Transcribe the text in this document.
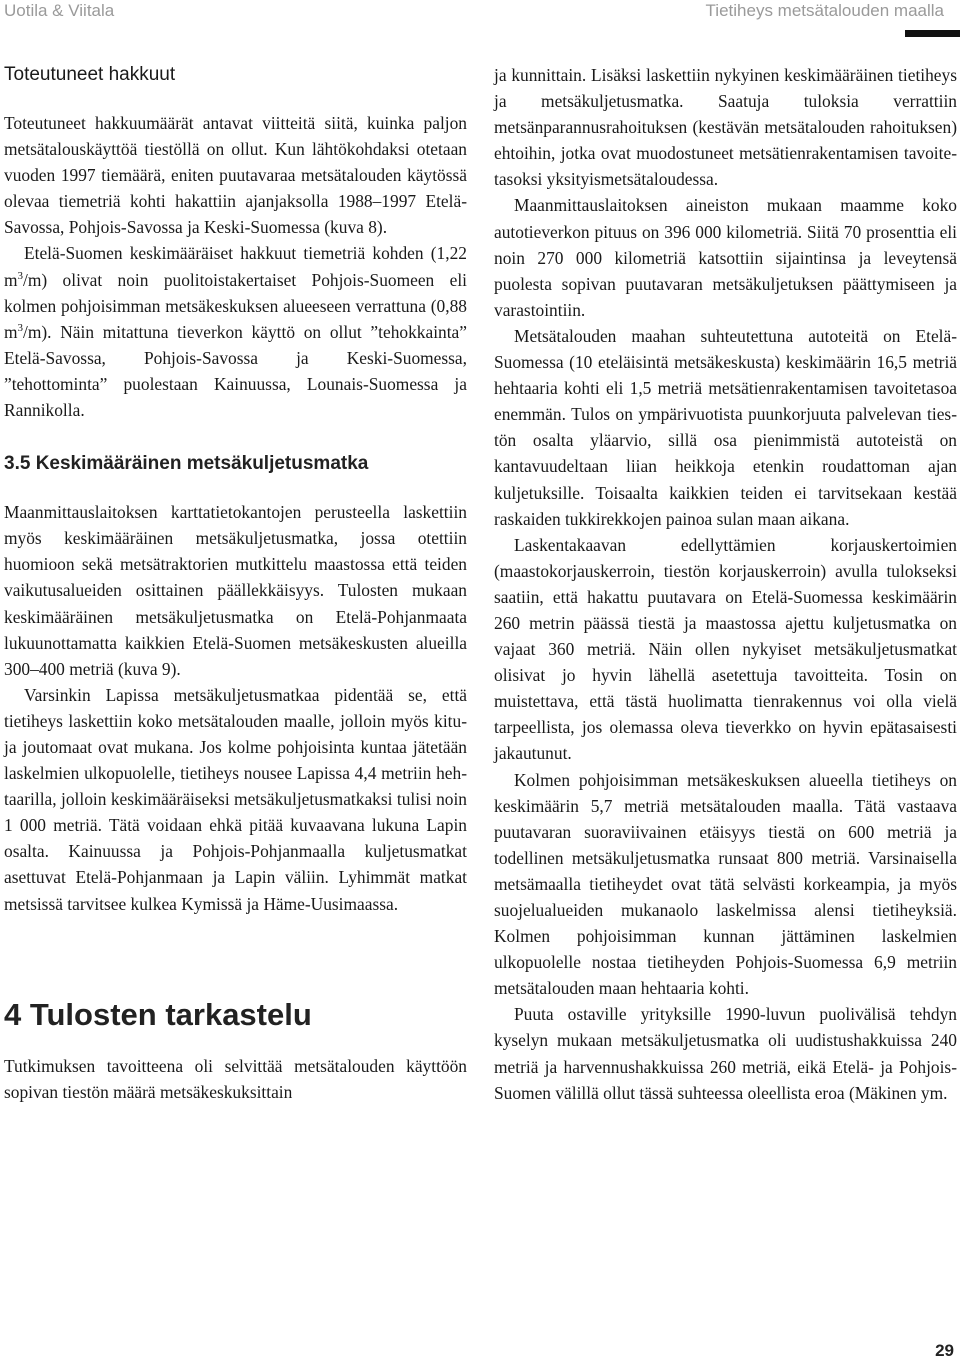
Uotila & Viitala	Tietiheys metsätalouden maalla
Toteutuneet hakkuut

Toteutuneet hakkuumäärät antavat viitteitä siitä, kuinka paljon metsätalouskäyttöä tiestöllä on ollut. Kun lähtökohdaksi otetaan vuoden 1997 tiemäärä, eniten puutavaraa metsätalouden käytössä olevaa tiemetriä kohti hakattiin ajanjaksolla 1988–1997 Etelä-Savossa, Pohjois-Savossa ja Keski-Suomessa (kuva 8).

Etelä-Suomen keskimääräiset hakkuut tiemetriä kohden (1,22 $m^3/m$) olivat noin puolitoistakertaiset Pohjois-Suomeen eli kolmen pohjoisimman metsäkeskuksen alueeseen verrattuna (0,88 $m^3/m$). Näin mitattuna tieverkon käyttö on ollut ”tehokkainta” Etelä-Savossa, Pohjois-Savossa ja Keski-Suomessa, ”tehottominta” puolestaan Kainuussa, Lounais-Suomessa ja Rannikolla.

3.5 Keskimääräinen metsäkuljetusmatka

Maanmittauslaitoksen karttatietokantojen perusteella laskettiin myös keskimääräinen metsäkuljetusmatka, jossa otettiin huomioon sekä metsätraktorien mutkittelu maastossa että teiden vaikutusalueiden osittainen päällekkäisyys. Tulosten mukaan keskimääräinen metsäkuljetusmatka on Etelä-Pohjanmaata lukuunottamatta kaikkien Etelä-Suomen metsäkeskusten alueilla 300–400 metriä (kuva 9).

Varsinkin Lapissa metsäkuljetusmatkaa pidentää se, että tietiheys laskettiin koko metsätalouden maalle, jolloin myös kitu- ja joutomaat ovat mukana. Jos kolme pohjoisinta kuntaa jätetään laskelmien ulkopuolelle, tietiheys nousee Lapissa 4,4 metriin hehtaarilla, jolloin keskimääräiseksi metsäkuljetusmatkaksi tulisi noin 1 000 metriä. Tätä voidaan ehkä pitää kuvaavana lukuna Lapin osalta. Kainuussa ja Pohjois-Pohjanmaalla kuljetusmatkat asettuvat Etelä-Pohjanmaan ja Lapin väliin. Lyhimmät matkat metsissä tarvitsee kulkea Kymissä ja Häme-Uusimaassa.

4 Tulosten tarkastelu

Tutkimuksen tavoitteena oli selvittää metsätalouden käyttöön sopivan tiestön määrä metsäkeskuksittain

ja kunnittain. Lisäksi laskettiin nykyinen keskimääräinen tietiheys ja metsäkuljetusmatka. Saatuja tuloksia verrattiin metsänparannusrahoituksen (kestävän metsätalouden rahoituksen) ehtoihin, jotka ovat muodostuneet metsätienrakentamisen tavoitetasoksi yksityismetsätaloudessa.

Maanmittauslaitoksen aineiston mukaan maamme koko autotieverkon pituus on 396 000 kilometriä. Siitä 70 prosenttia eli noin 270 000 kilometriä katsottiin sijaintinsa ja leveytensä puolesta sopivan puutavaran metsäkuljetuksen päättymiseen ja varastointiin.

Metsätalouden maahan suhteutettuna autoteitä on Etelä-Suomessa (10 eteläisintä metsäkeskusta) keskimäärin 16,5 metriä hehtaaria kohti eli 1,5 metriä metsätienrakentamisen tavoitetasoa enemmän. Tulos on ympärivuotista puunkorjuuta palvelevan tiestön osalta yläarvio, sillä osa pienimmistä autoteistä on kantavuudeltaan liian heikkoja etenkin roudattoman ajan kuljetuksille. Toisaalta kaikkien teiden ei tarvitsekaan kestää raskaiden tukkirekkojen painoa sulan maan aikana.

Laskentakaavan edellyttämien korjauskertoimien (maastokorjauskerroin, tiestön korjauskerroin) avulla tulokseksi saatiin, että hakattu puutavara on Etelä-Suomessa keskimäärin 260 metrin päässä tiestä ja maastossa ajettu kuljetusmatka on vajaat 360 metriä. Näin ollen nykyiset metsäkuljetusmatkat olisivat jo hyvin lähellä asetettuja tavoitteita. Tosin on muistettava, että tästä huolimatta tienrakennus voi olla vielä tarpeellista, jos olemassa oleva tieverkko on hyvin epätasaisesti jakautunut.

Kolmen pohjoisimman metsäkeskuksen alueella tietiheys on keskimäärin 5,7 metriä metsätalouden maalla. Tätä vastaava puutavaran suoraviivainen etäisyys tiestä on 600 metriä ja todellinen metsäkuljetusmatka runsaat 800 metriä. Varsinaisella metsämaalla tietiheydet ovat tätä selvästi korkeampia, ja myös suojelualueiden mukanaolo laskelmissa alensi tietiheyksiä. Kolmen pohjoisimman kunnan jättäminen laskelmien ulkopuolelle nostaa tietiheyden Pohjois-Suomessa 6,9 metriin metsätalouden maan hehtaaria kohti.

Puuta ostaville yrityksille 1990-luvun puolivälisä tehdyn kyselyn mukaan metsäkuljetusmatka oli uudistushakkuissa 240 metriä ja harvennushakkuissa 260 metriä, eikä Etelä- ja Pohjois-Suomen välillä ollut tässä suhteessa oleellista eroa (Mäkinen ym.

29
